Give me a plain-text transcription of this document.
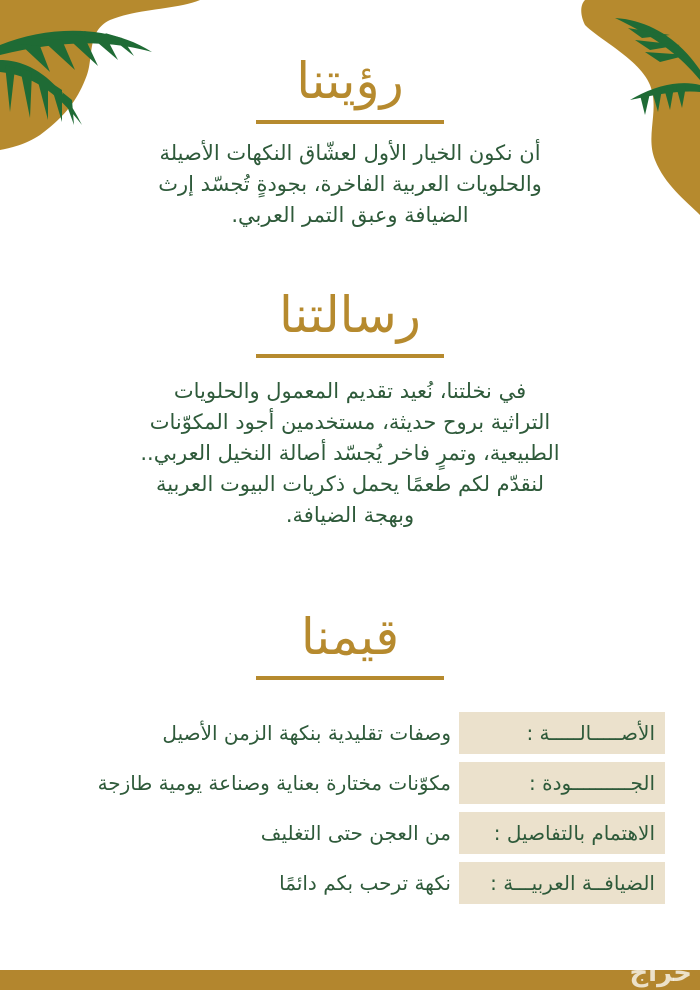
رؤيتنا
أن نكون الخيار الأول لعشّاق النكهات الأصيلة
والحلويات العربية الفاخرة، بجودةٍ تُجسّد إرث
الضيافة وعبق التمر العربي.
رسالتنا
في نخلتنا، نُعيد تقديم المعمول والحلويات
التراثية بروح حديثة، مستخدمين أجود المكوّنات
الطبيعية، وتمرٍ فاخر يُجسّد أصالة النخيل العربي..
لنقدّم لكم طعمًا يحمل ذكريات البيوت العربية
وبهجة الضيافة.
قيمنا
الأصـــــالـــــة :
وصفات تقليدية بنكهة الزمن الأصيل
الجــــــــــودة :
مكوّنات مختارة بعناية وصناعة يومية طازجة
الاهتمام بالتفاصيل :
من العجن حتى التغليف
الضيافــة العربيـــة :
نكهة ترحب بكم دائمًا
حراج
